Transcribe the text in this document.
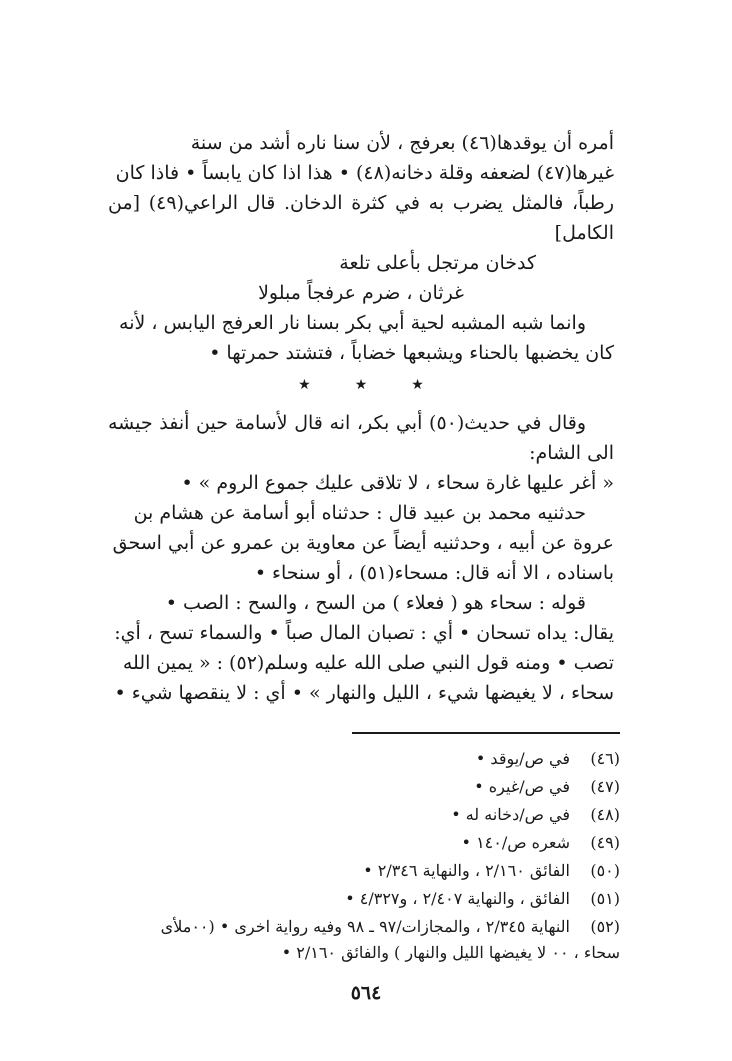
أمره أن يوقدها(٤٦) بعرفج ، لأن سنا ناره أشد من سنة

غيرها(٤٧) لضعفه وقلة دخانه(٤٨) • هذا اذا كان يابساً • فاذا كان

رطباً، فالمثل يضرب به في كثرة الدخان. قال الراعي(٤٩) [من الكامل]

كدخان مرتجل بأعلى تلعة

غرثان ، ضرم عرفجاً مبلولا

وانما شبه المشبه لحية أبي بكر بسنا نار العرفج اليابس ، لأنه

كان يخضبها بالحناء ويشبعها خضاباً ، فتشتد حمرتها •

★★★

وقال في حديث(٥٠) أبي بكر، انه قال لأسامة حين أنفذ جيشه الى الشام:

« أغر عليها غارة سحاء ، لا تلاقى عليك جموع الروم » •

حدثنيه محمد بن عبيد قال : حدثناه أبو أسامة عن هشام بن

عروة عن أبيه ، وحدثنيه أيضاً عن معاوية بن عمرو عن أبي اسحق

باسناده ، الا أنه قال: مسحاء(٥١) ، أو سنحاء •

قوله : سحاء هو ( فعلاء ) من السح ، والسح : الصب •

يقال: يداه تسحان • أي : تصبان المال صباً • والسماء تسح ، أي:

تصب • ومنه قول النبي صلى الله عليه وسلم(٥٢) : « يمين الله

سحاء ، لا يغيضها شيء ، الليل والنهار » • أي : لا ينقصها شيء •

(٤٦)
في ص/يوقد •
(٤٧)
في ص/غيره •
(٤٨)
في ص/دخانه له •
(٤٩)
شعره ص/١٤٠ •
(٥٠)
الفائق ٢/١٦٠ ، والنهاية ٢/٣٤٦ •
(٥١)
الفائق ، والنهاية ٢/٤٠٧ ، و٤/٣٢٧ •
(٥٢)
النهاية ٢/٣٤٥ ، والمجازات/٩٧ ـ ٩٨ وفيه رواية اخرى • (٠٠ملأى
سحاء ، ٠٠ لا يغيضها الليل والنهار ) والفائق ٢/١٦٠ •
٥٦٤
